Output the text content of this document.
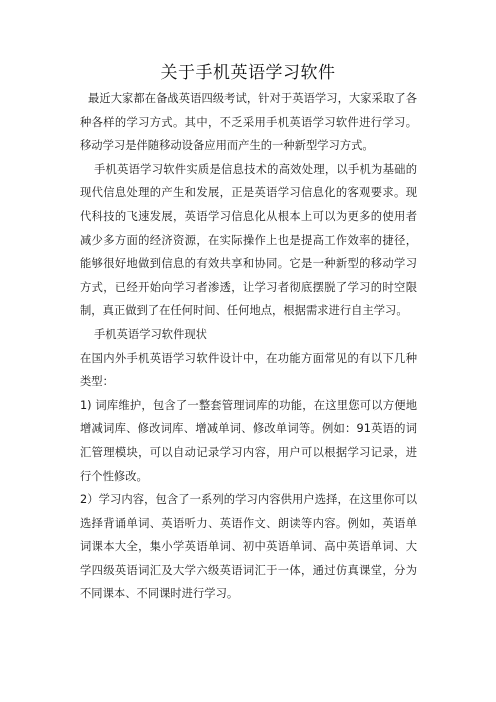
关于手机英语学习软件

最近大家都在备战英语四级考试，针对于英语学习，大家采取了各种各样的学习方式。其中，不乏采用手机英语学习软件进行学习。移动学习是伴随移动设备应用而产生的一种新型学习方式。

手机英语学习软件实质是信息技术的高效处理，以手机为基础的现代信息处理的产生和发展，正是英语学习信息化的客观要求。现代科技的飞速发展，英语学习信息化从根本上可以为更多的使用者减少多方面的经济资源，在实际操作上也是提高工作效率的捷径，能够很好地做到信息的有效共享和协同。它是一种新型的移动学习方式，已经开始向学习者渗透，让学习者彻底摆脱了学习的时空限制，真正做到了在任何时间、任何地点，根据需求进行自主学习。

手机英语学习软件现状

在国内外手机英语学习软件设计中，在功能方面常见的有以下几种类型：

1) 词库维护，包含了一整套管理词库的功能，在这里您可以方便地增减词库、修改词库、增减单词、修改单词等。例如：91英语的词汇管理模块，可以自动记录学习内容，用户可以根据学习记录，进行个性修改。

2）学习内容，包含了一系列的学习内容供用户选择，在这里你可以选择背诵单词、英语听力、英语作文、朗读等内容。例如，英语单词课本大全，集小学英语单词、初中英语单词、高中英语单词、大学四级英语词汇及大学六级英语词汇于一体，通过仿真课堂，分为不同课本、不同课时进行学习。
